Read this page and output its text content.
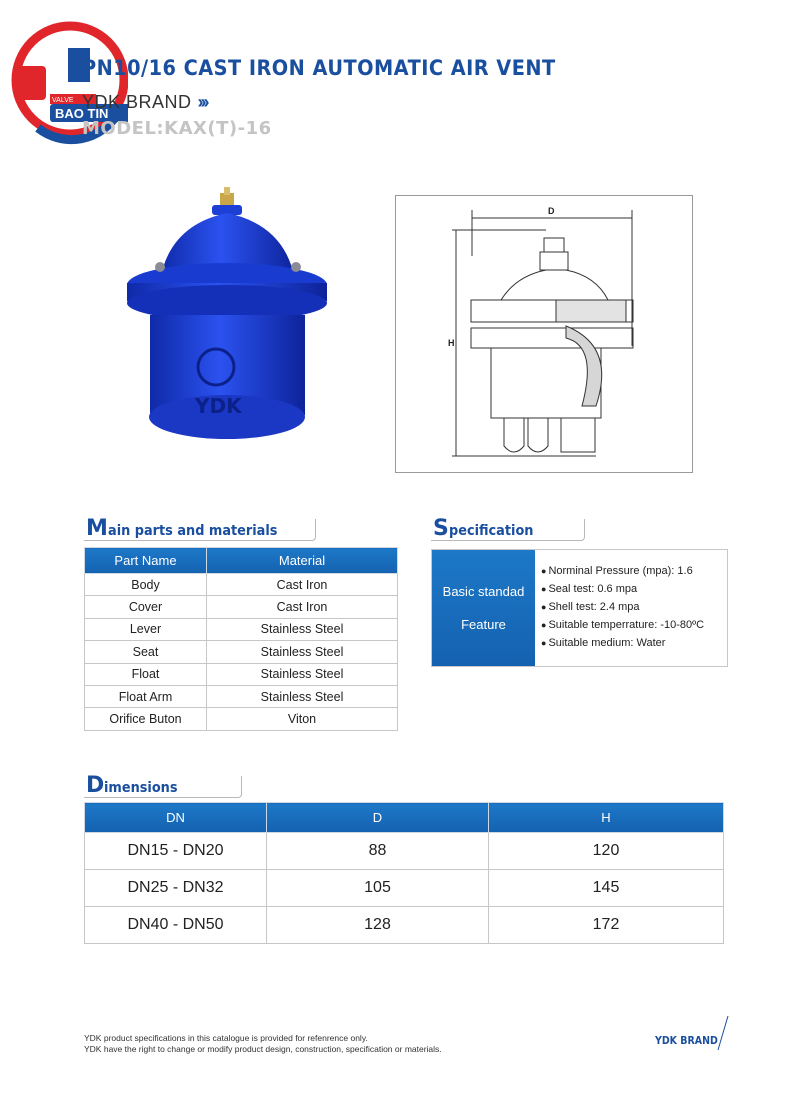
VALVE
BAO TIN
PN10/16 CAST IRON AUTOMATIC AIR VENT
YDK BRAND ›››
MODEL:KAX(T)-16
YDK
D
H
Main parts and materials
Part Name	Material
Body	Cast Iron
Cover	Cast Iron
Lever	Stainless Steel
Seat	Stainless Steel
Float	Stainless Steel
Float Arm	Stainless Steel
Orifice Buton	Viton
Specification
Basic standad
Feature
● Norminal Pressure (mpa): 1.6
● Seal test: 0.6 mpa
● Shell test: 2.4 mpa
● Suitable temperrature: -10-80ºC
● Suitable medium: Water
Dimensions
DN	D	H
DN15 - DN20	88	120
DN25 - DN32	105	145
DN40 - DN50	128	172
YDK product specifications in this catalogue is provided for refenrence only.
YDK have the right to change or modify product design, construction, specification or materials.
YDK BRAND
